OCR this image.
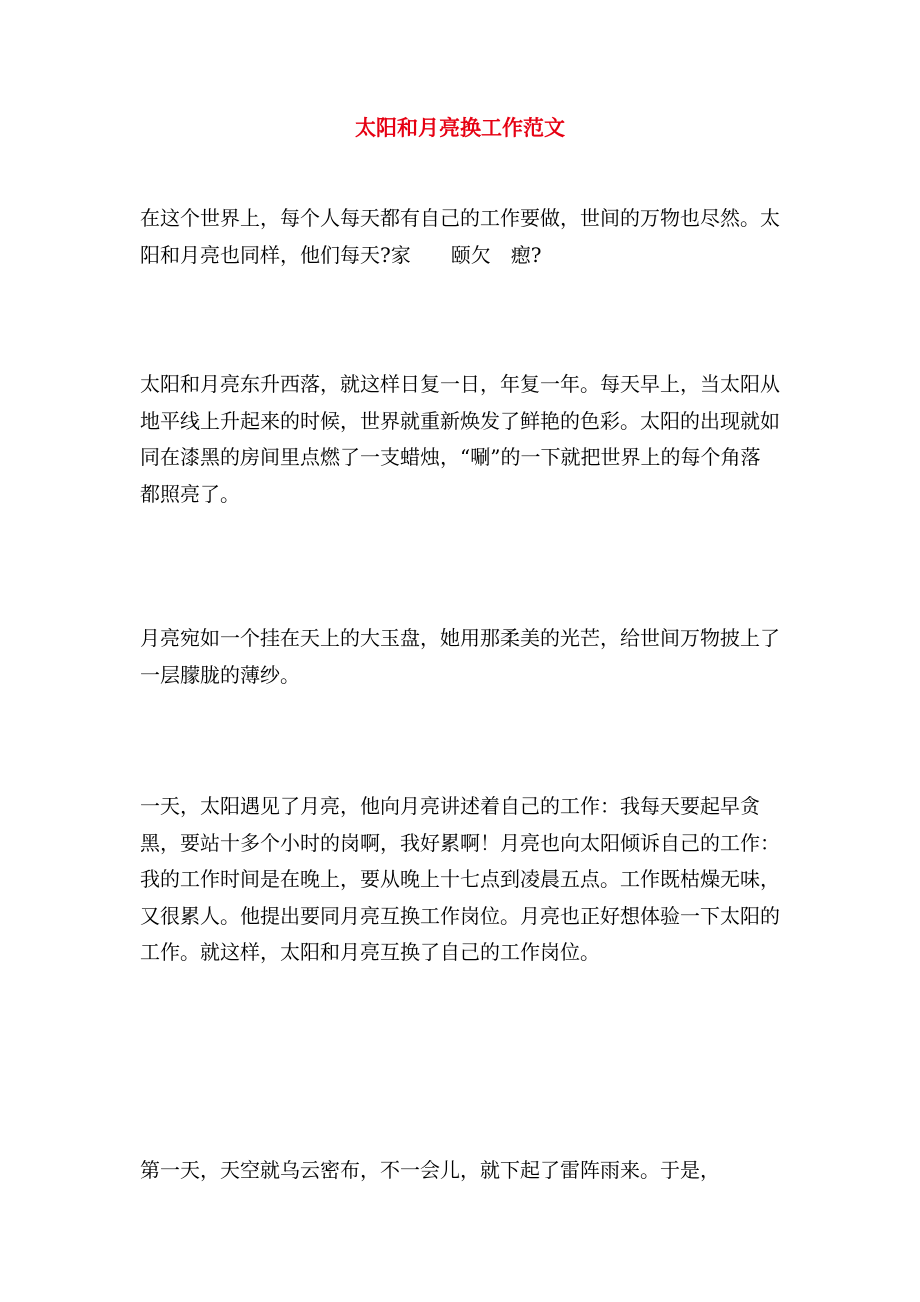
太阳和月亮换工作范文

在这个世界上，每个人每天都有自己的工作要做，世间的万物也尽然。太阳和月亮也同样，他们每天?家　　颐欠　瘛?

太阳和月亮东升西落，就这样日复一日，年复一年。每天早上，当太阳从地平线上升起来的时候，世界就重新焕发了鲜艳的色彩。太阳的出现就如同在漆黑的房间里点燃了一支蜡烛，“唰”的一下就把世界上的每个角落都照亮了。

月亮宛如一个挂在天上的大玉盘，她用那柔美的光芒，给世间万物披上了一层朦胧的薄纱。

一天，太阳遇见了月亮，他向月亮讲述着自己的工作：我每天要起早贪黑，要站十多个小时的岗啊，我好累啊！月亮也向太阳倾诉自己的工作：我的工作时间是在晚上，要从晚上十七点到凌晨五点。工作既枯燥无味，又很累人。他提出要同月亮互换工作岗位。月亮也正好想体验一下太阳的工作。就这样，太阳和月亮互换了自己的工作岗位。

第一天，天空就乌云密布，不一会儿，就下起了雷阵雨来。于是，
